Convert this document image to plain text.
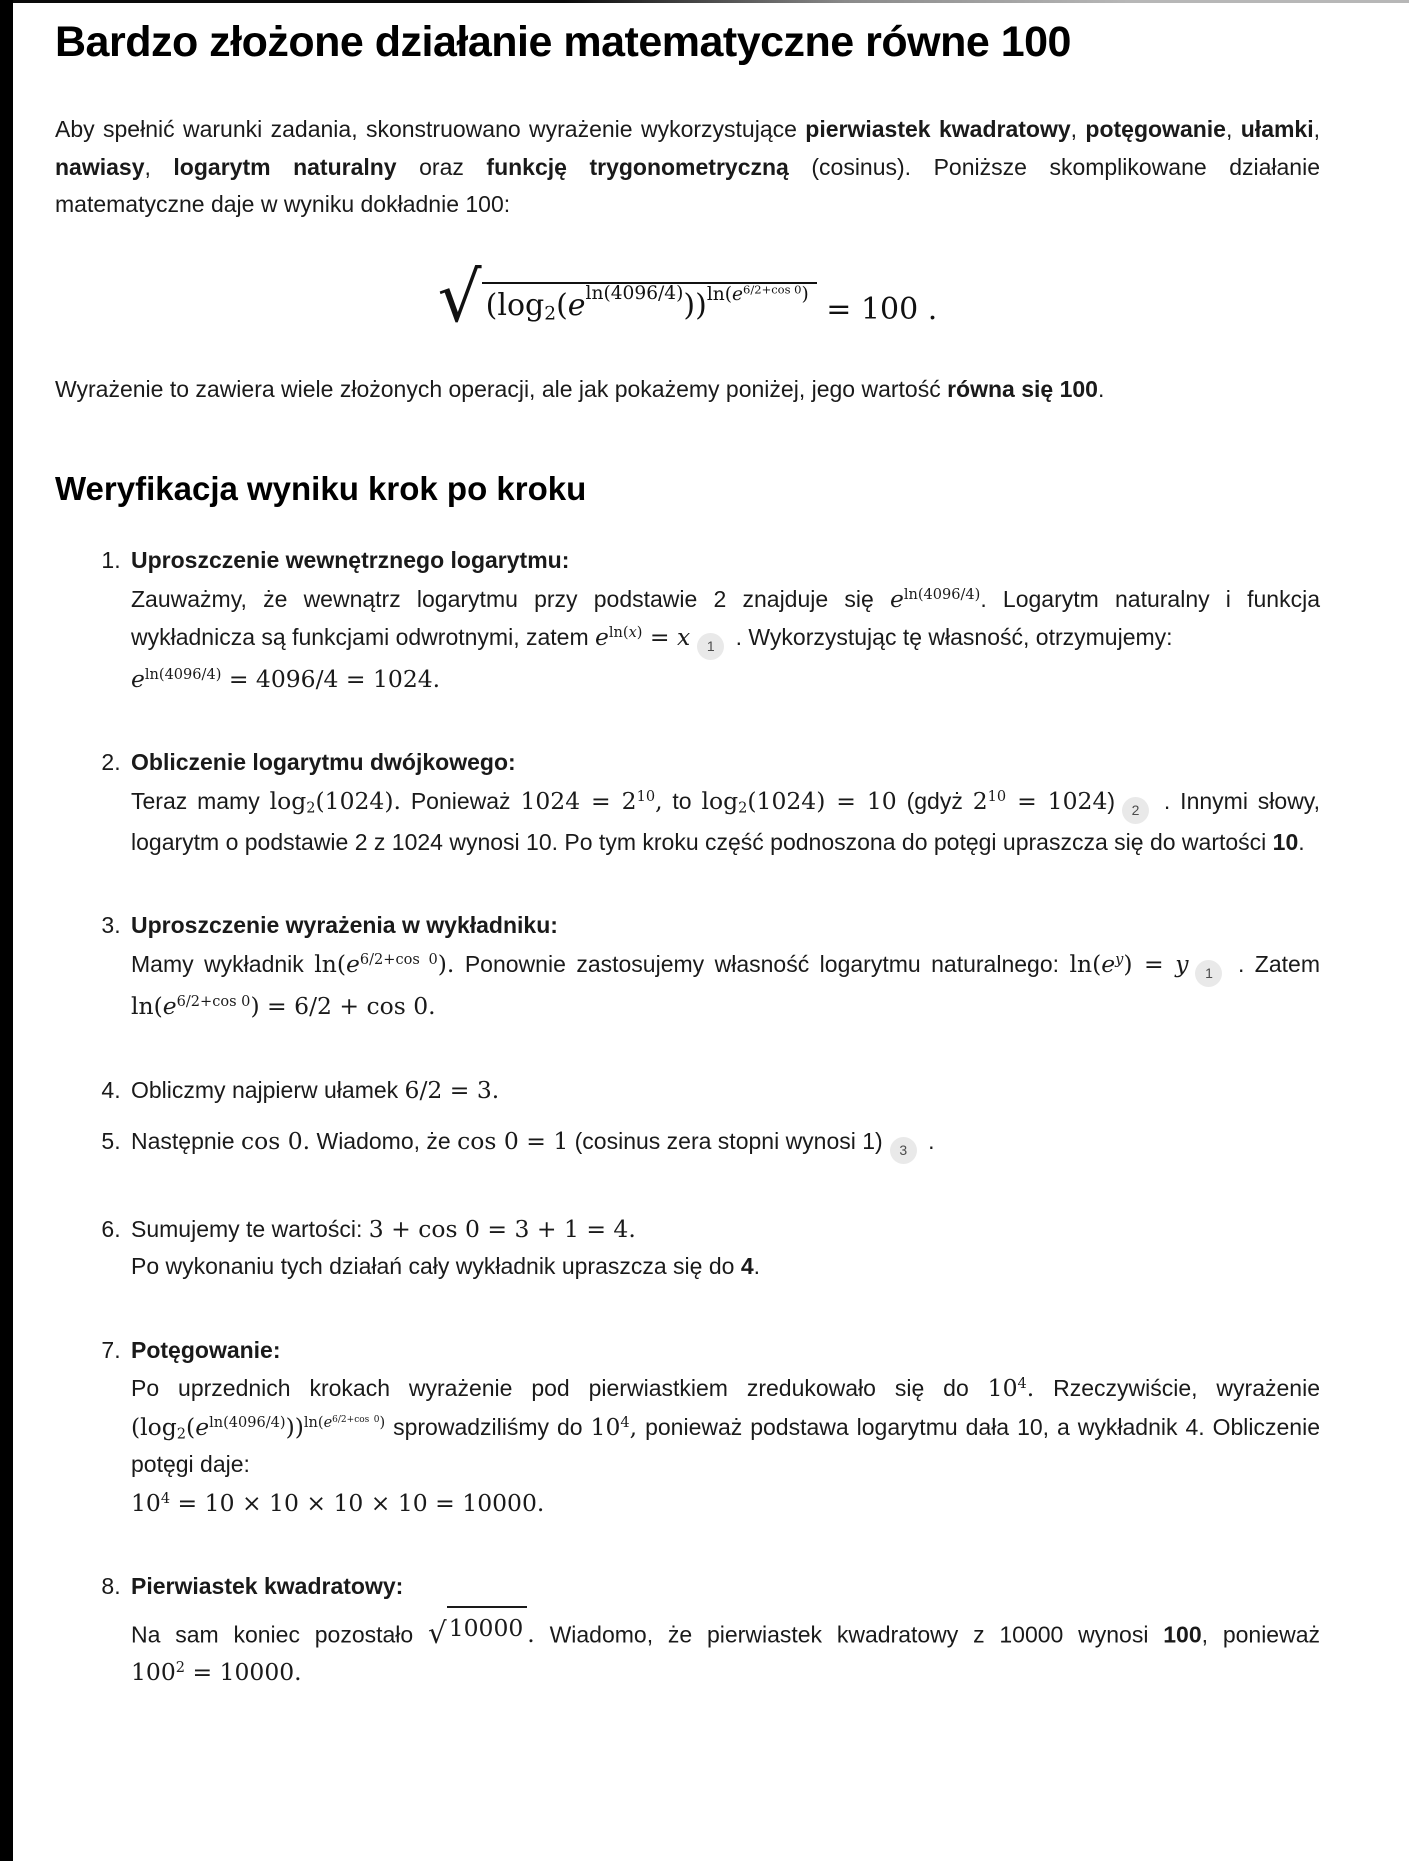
Bardzo złożone działanie matematyczne równe 100

Aby spełnić warunki zadania, skonstruowano wyrażenie wykorzystujące pierwiastek kwadratowy, potęgowanie, ułamki, nawiasy, logarytm naturalny oraz funkcję trygonometryczną (cosinus). Poniższe skomplikowane działanie matematyczne daje w wyniku dokładnie 100:

√ $(\log_2(e^{ln(4096/4)}))^{ln(e^{6/2+cos 0})} = 100$ .

Wyrażenie to zawiera wiele złożonych operacji, ale jak pokażemy poniżej, jego wartość równa się 100.

Weryfikacja wyniku krok po kroku

1. Uproszczenie wewnętrznego logarytmu:

Zauważmy, że wewnątrz logarytmu przy podstawie 2 znajduje się $e^{ln(4096/4)}$. Logarytm naturalny i funkcja wykładnicza są funkcjami odwrotnymi, zatem $e^{ln(x)} = x$ 1 . Wykorzystując tę własność, otrzymujemy:

$e^{ln(4096/4)} = 4096/4 = 1024$.

2. Obliczenie logarytmu dwójkowego:

Teraz mamy $\log_2(1024)$. Ponieważ $1024 = 2^{10}$, to $\log_2(1024) = 10$ (gdyż $2^{10} = 1024$) 2 . Innymi słowy, logarytm o podstawie 2 z 1024 wynosi 10. Po tym kroku część podnoszona do potęgi upraszcza się do wartości 10.

3. Uproszczenie wyrażenia w wykładniku:

Mamy wykładnik $\ln(e^{6/2+cos 0})$. Ponownie zastosujemy własność logarytmu naturalnego: $\ln(e^y) = y$ 1 . Zatem $\ln(e^{6/2+cos 0}) = 6/2 + \cos 0$.

4. Obliczmy najpierw ułamek 6/2 = 3.

5. Następnie cos 0. Wiadomo, że cos 0 = 1 (cosinus zera stopni wynosi 1) 3 .

6. Sumujemy te wartości: 3 + cos 0 = 3 + 1 = 4.

Po wykonaniu tych działań cały wykładnik upraszcza się do 4.

7. Potęgowanie:

Po uprzednich krokach wyrażenie pod pierwiastkiem zredukowało się do $10^4$. Rzeczywiście, wyrażenie $(\log_2(e^{ln(4096/4)}))^{ln(e^{6/2+cos 0})}$ sprowadziliśmy do $10^4$, ponieważ podstawa logarytmu dała 10, a wykładnik 4. Obliczenie potęgi daje:

$10^4 = 10 \times 10 \times 10 \times 10 = 10000$.

8. Pierwiastek kwadratowy:

Na sam koniec pozostało √ 10000 . Wiadomo, że pierwiastek kwadratowy z 10000 wynosi 100, ponieważ $100^2 = 10000$.
